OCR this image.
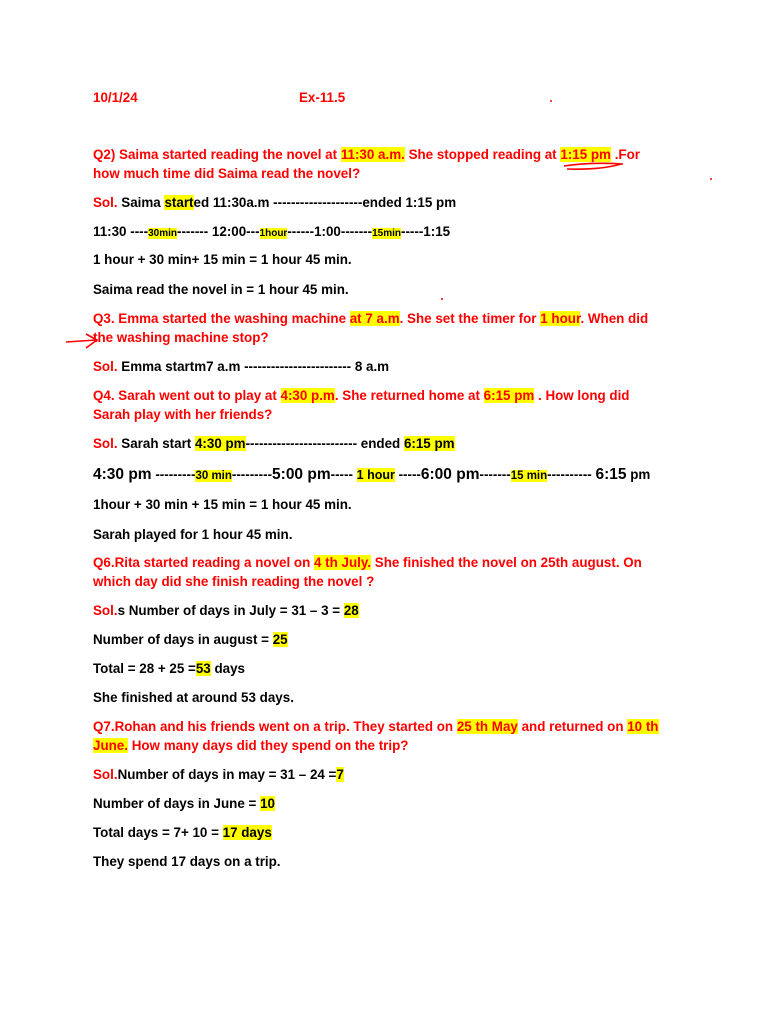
10/1/24	Ex-11.5
Q2) Saima started reading the novel at 11:30 a.m. She stopped reading at 1:15 pm .For
how much time did Saima read the novel?
Sol. Saima started 11:30a.m --------------------ended 1:15 pm
11:30 ----30min------- 12:00---1hour------1:00-------15min-----1:15
1 hour + 30 min+ 15 min = 1 hour 45 min.
Saima read the novel in = 1 hour 45 min.
Q3. Emma started the washing machine at 7 a.m. She set the timer for 1 hour. When did
the washing machine stop?
Sol. Emma startm7 a.m ------------------------ 8 a.m
Q4. Sarah went out to play at 4:30 p.m. She returned home at 6:15 pm . How long did
Sarah play with her friends?
Sol. Sarah start 4:30 pm------------------------- ended 6:15 pm
4:30 pm ---------30 min---------5:00 pm----- 1 hour -----6:00 pm-------15 min---------- 6:15 pm
1hour + 30 min + 15 min = 1 hour 45 min.
Sarah played for 1 hour 45 min.
Q6.Rita started reading a novel on 4 th July. She finished the novel on 25th august. On
which day did she finish reading the novel ?
Sol.s Number of days in July = 31 – 3 = 28
Number of days in august = 25
Total = 28 + 25 =53 days
She finished at around 53 days.
Q7.Rohan and his friends went on a trip. They started on 25 th May and returned on 10 th
June. How many days did they spend on the trip?
Sol.Number of days in may = 31 – 24 =7
Number of days in June = 10
Total days = 7+ 10 = 17 days
They spend 17 days on a trip.
